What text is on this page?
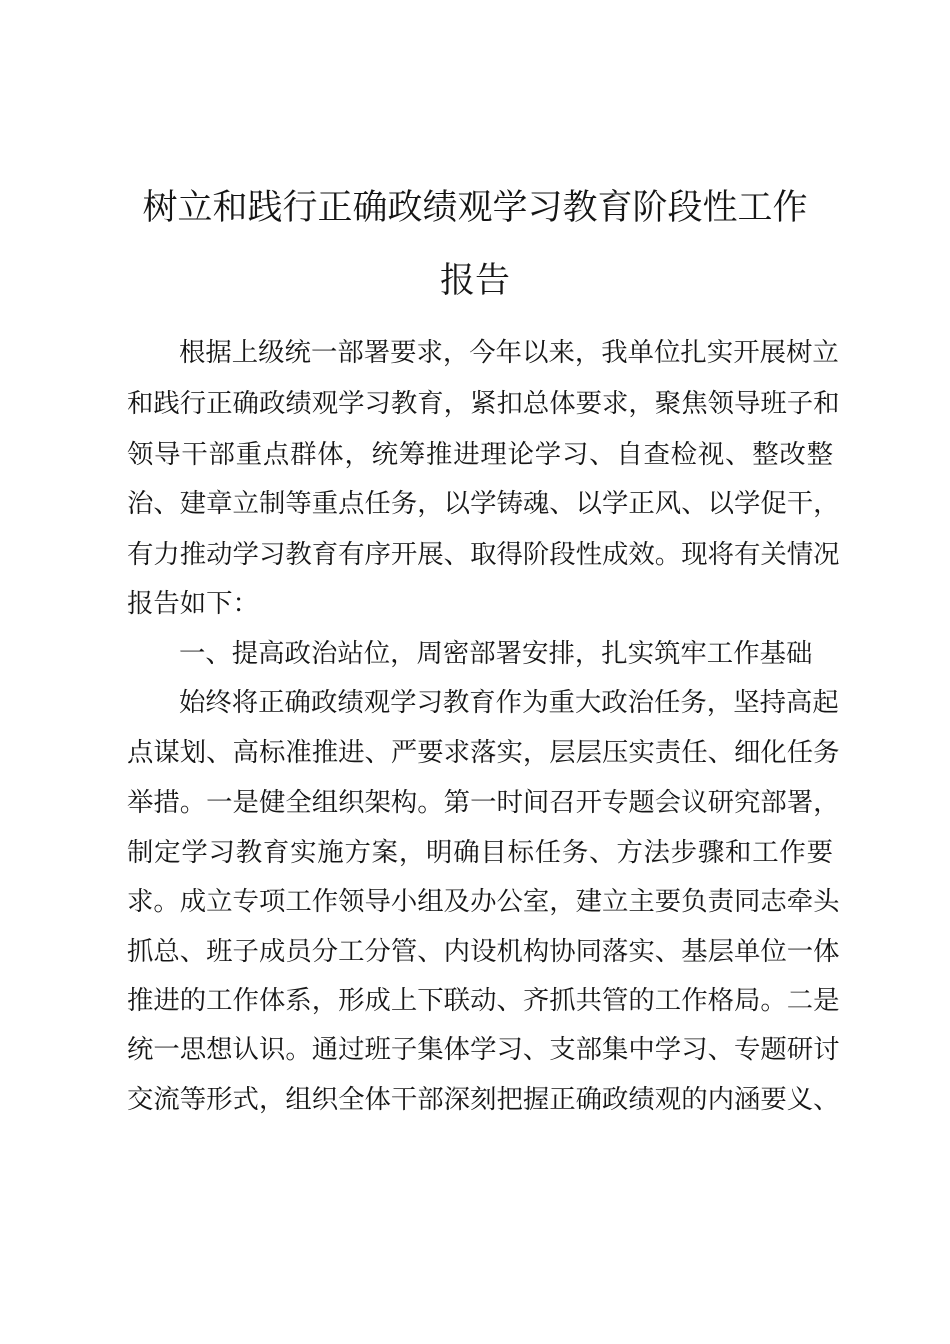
树立和践行正确政绩观学习教育阶段性工作
报告
根据上级统一部署要求，今年以来，我单位扎实开展树立
和践行正确政绩观学习教育，紧扣总体要求，聚焦领导班子和
领导干部重点群体，统筹推进理论学习、自查检视、整改整
治、建章立制等重点任务，以学铸魂、以学正风、以学促干，
有力推动学习教育有序开展、取得阶段性成效。现将有关情况
报告如下：
一、提高政治站位，周密部署安排，扎实筑牢工作基础
始终将正确政绩观学习教育作为重大政治任务，坚持高起
点谋划、高标准推进、严要求落实，层层压实责任、细化任务
举措。一是健全组织架构。第一时间召开专题会议研究部署，
制定学习教育实施方案，明确目标任务、方法步骤和工作要
求。成立专项工作领导小组及办公室，建立主要负责同志牵头
抓总、班子成员分工分管、内设机构协同落实、基层单位一体
推进的工作体系，形成上下联动、齐抓共管的工作格局。二是
统一思想认识。通过班子集体学习、支部集中学习、专题研讨
交流等形式，组织全体干部深刻把握正确政绩观的内涵要义、
